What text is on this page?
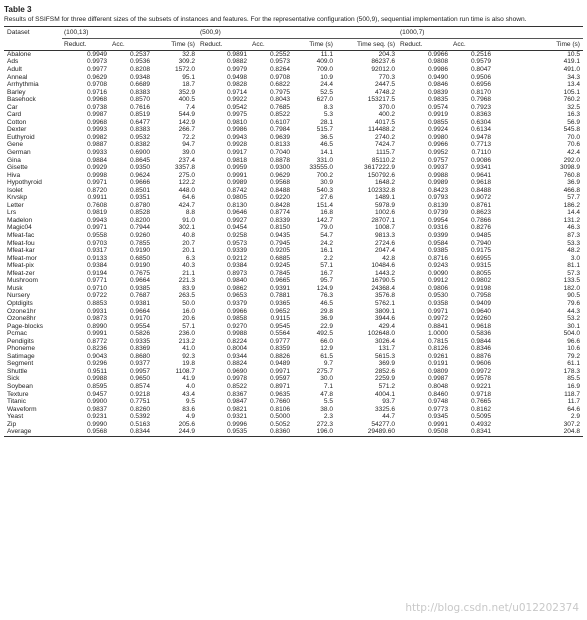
Table 3
Results of SSIFSM for three different sizes of the subsets of instances and features. For the representative configuration (500,9), sequential implementation run time is also shown.
Dataset	(100,13)			(500,9)				(1000,7)		
	Reduct.	Acc.	Time (s)	Reduct.	Acc.	Time (s)	Time seq. (s)	Reduct.	Acc.	Time (s)
Abalone	0.9949	0.2537	32.8	0.9891	0.2552	11.1	204.3	0.9966	0.2516	10.5
Ads	0.9973	0.9536	309.2	0.9882	0.9573	409.0	86237.6	0.9808	0.9579	419.1
Adult	0.9977	0.8208	1572.0	0.9979	0.8264	709.0	92012.0	0.9986	0.8047	491.0
Anneal	0.9629	0.9348	95.1	0.9498	0.9708	10.9	770.3	0.9490	0.9506	34.3
Arrhythmia	0.9708	0.6689	18.7	0.9828	0.6822	24.4	2447.5	0.9846	0.6956	13.4
Barley	0.9716	0.8383	352.9	0.9714	0.7975	52.5	4748.2	0.9839	0.8170	105.1
Basehock	0.9968	0.8570	400.5	0.9922	0.8043	627.0	153217.5	0.9835	0.7968	760.2
Car	0.9738	0.7616	7.4	0.9542	0.7685	8.3	370.0	0.9574	0.7923	32.5
Card	0.9987	0.8519	544.9	0.9975	0.8522	5.3	400.2	0.9919	0.8363	16.3
Cotton	0.9968	0.6477	142.9	0.9810	0.6107	28.1	4017.5	0.9855	0.6304	56.9
Dexter	0.9993	0.8383	266.7	0.9986	0.7984	515.7	114488.2	0.9924	0.6134	545.8
Euthyroid	0.9982	0.9532	72.2	0.9943	0.9639	36.5	2740.2	0.9980	0.9478	70.0
Gene	0.9887	0.8382	94.7	0.9928	0.8133	46.5	7424.7	0.9966	0.7713	70.6
German	0.9933	0.6900	39.0	0.9917	0.7040	14.1	1115.7	0.9952	0.7110	42.4
Gina	0.9884	0.8645	237.4	0.9818	0.8878	331.0	85110.2	0.9757	0.9086	292.0
Gisette	0.9929	0.9350	3357.8	0.9959	0.9300	33555.0	3617222.9	0.9937	0.9341	3098.9
Hiva	0.9998	0.9624	275.0	0.9991	0.9629	700.2	150792.6	0.9988	0.9641	760.8
Hypothyroid	0.9971	0.9666	122.2	0.9989	0.9568	30.9	1648.2	0.9989	0.9618	36.9
Isolet	0.8720	0.8501	448.0	0.8742	0.8488	540.3	102332.8	0.8423	0.8488	466.8
Krvskp	0.9911	0.9351	64.6	0.9805	0.9220	27.6	1489.1	0.9793	0.9072	57.7
Letter	0.7608	0.8780	424.7	0.8130	0.8428	151.4	5978.9	0.8139	0.8761	186.2
Lrs	0.9819	0.8528	8.8	0.9646	0.8774	16.8	1002.6	0.9739	0.8623	14.4
Madelon	0.9943	0.8200	91.0	0.9927	0.8339	142.7	28707.1	0.9954	0.7866	131.2
Magic04	0.9971	0.7944	302.1	0.9454	0.8150	79.0	1008.7	0.9316	0.8276	46.3
Mfeat-fac	0.9558	0.9260	40.8	0.9258	0.9435	54.7	9813.3	0.9399	0.9485	87.3
Mfeat-fou	0.9703	0.7855	20.7	0.9573	0.7945	24.2	2724.6	0.9584	0.7940	53.3
Mfeat-kar	0.9317	0.9190	20.1	0.9339	0.9205	16.1	2047.4	0.9385	0.9175	48.2
Mfeat-mor	0.9133	0.6850	6.3	0.9212	0.6885	2.2	42.8	0.8716	0.6955	3.0
Mfeat-pix	0.9384	0.9190	40.3	0.9384	0.9245	57.1	10484.6	0.9243	0.9315	81.1
Mfeat-zer	0.9194	0.7675	21.1	0.8973	0.7845	16.7	1443.2	0.9090	0.8055	57.3
Mushroom	0.9771	0.9664	221.3	0.9840	0.9665	95.7	16790.5	0.9912	0.9802	133.5
Musk	0.9710	0.9385	83.9	0.9862	0.9391	124.9	24368.4	0.9806	0.9198	182.0
Nursery	0.9722	0.7687	263.5	0.9653	0.7881	76.3	3576.8	0.9530	0.7958	90.5
Optdigits	0.8853	0.9381	50.0	0.9379	0.9365	46.5	5762.1	0.9358	0.9409	79.6
Ozone1hr	0.9931	0.9664	16.0	0.9966	0.9652	29.8	3809.1	0.9971	0.9640	44.3
Ozone8hr	0.9873	0.9170	20.6	0.9858	0.9115	36.9	3944.6	0.9972	0.9260	53.2
Page-blocks	0.8990	0.9554	57.1	0.9270	0.9545	22.9	429.4	0.8841	0.9618	30.1
Pcmac	0.9991	0.5826	236.0	0.9988	0.5564	492.5	102648.0	1.0000	0.5836	504.0
Pendigits	0.8772	0.9335	213.2	0.8224	0.9777	66.0	3026.4	0.7815	0.9844	96.6
Phoneme	0.8236	0.8369	41.0	0.8004	0.8359	12.9	131.7	0.8126	0.8346	10.6
Satimage	0.9043	0.8680	92.3	0.9344	0.8826	61.5	5615.3	0.9261	0.8876	79.2
Segment	0.9296	0.9377	19.8	0.8824	0.9489	9.7	369.9	0.9191	0.9606	61.1
Shuttle	0.9511	0.9957	1108.7	0.9690	0.9971	275.7	2852.6	0.9809	0.9972	178.3
Sick	0.9988	0.9650	41.9	0.9978	0.9597	30.0	2259.9	0.9987	0.9578	85.5
Soybean	0.8595	0.8574	4.0	0.8522	0.8971	7.1	571.2	0.8048	0.9221	16.9
Texture	0.9457	0.9218	43.4	0.8367	0.9635	47.8	4004.1	0.8460	0.9718	118.7
Titanic	0.9900	0.7751	9.5	0.9847	0.7660	5.5	93.7	0.9748	0.7665	11.7
Waveform	0.9837	0.8260	83.6	0.9821	0.8106	38.0	3325.6	0.9773	0.8162	64.6
Yeast	0.9231	0.5392	4.9	0.9321	0.5000	2.3	44.7	0.9345	0.5095	2.9
Zip	0.9990	0.5163	205.6	0.9996	0.5052	272.3	54277.0	0.9991	0.4932	307.2
Average	0.9568	0.8344	244.9	0.9535	0.8360	196.0	29489.60	0.9508	0.8341	204.8
http://blog.csdn.net/u012202374
